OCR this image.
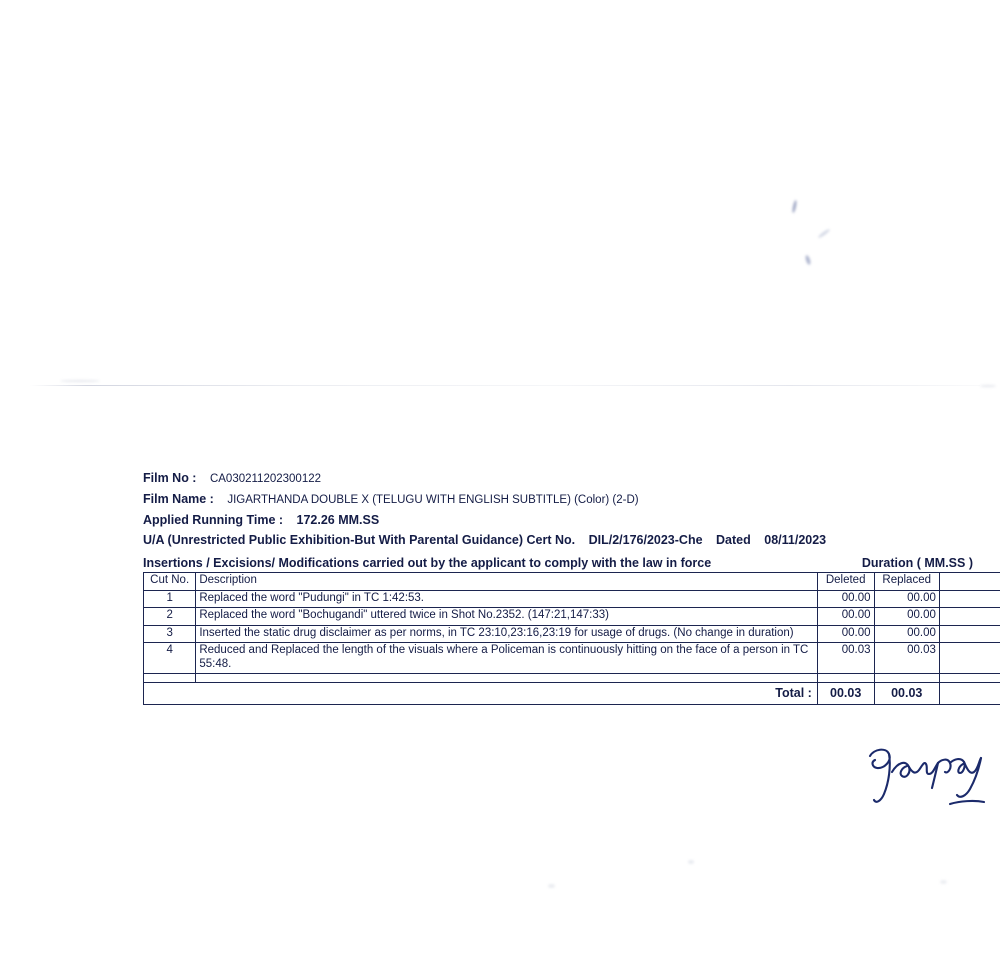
Film No : CA030211202300122
Film Name : JIGARTHANDA DOUBLE X (TELUGU WITH ENGLISH SUBTITLE) (Color) (2-D)
Applied Running Time : 172.26 MM.SS
U/A (Unrestricted Public Exhibition-But With Parental Guidance) Cert No. DIL/2/176/2023-Che Dated 08/11/2023
Insertions / Excisions/ Modifications carried out by the applicant to comply with the law in force	Duration ( MM.SS )
Cut No.	Description	Deleted	Replaced	

1	Replaced the word "Pudungi" in TC 1:42:53.	00.00	00.00	

2	Replaced the word "Bochugandi" uttered twice in Shot No.2352. (147:21,147:33)	00.00	00.00	

3	Inserted the static drug disclaimer as per norms, in TC 23:10,23:16,23:19 for usage of drugs. (No change in duration)	00.00	00.00	

4	Reduced and Replaced the length of the visuals where a Policeman is continuously hitting on the face of a person in TC 55:48.	00.03	00.03	

Total :		00.03	00.03	
